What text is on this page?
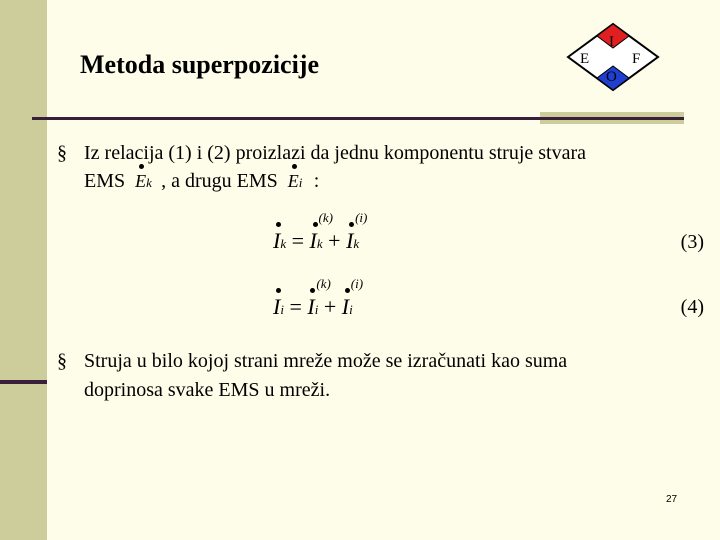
Metoda superpozicije
I
E	F
O
§ Iz relacija (1) i (2) proizlazi da jednu komponentu struje stvara
EMS Ek , a drugu EMS Ei :
Ik = Ik
(k)
+ Ik
(i)
(3)
Ii = Ii
(k)
+ Ii
(i)
(4)
§ Struja u bilo kojoj strani mreže može se izračunati kao suma
doprinosa svake EMS u mreži.
27
